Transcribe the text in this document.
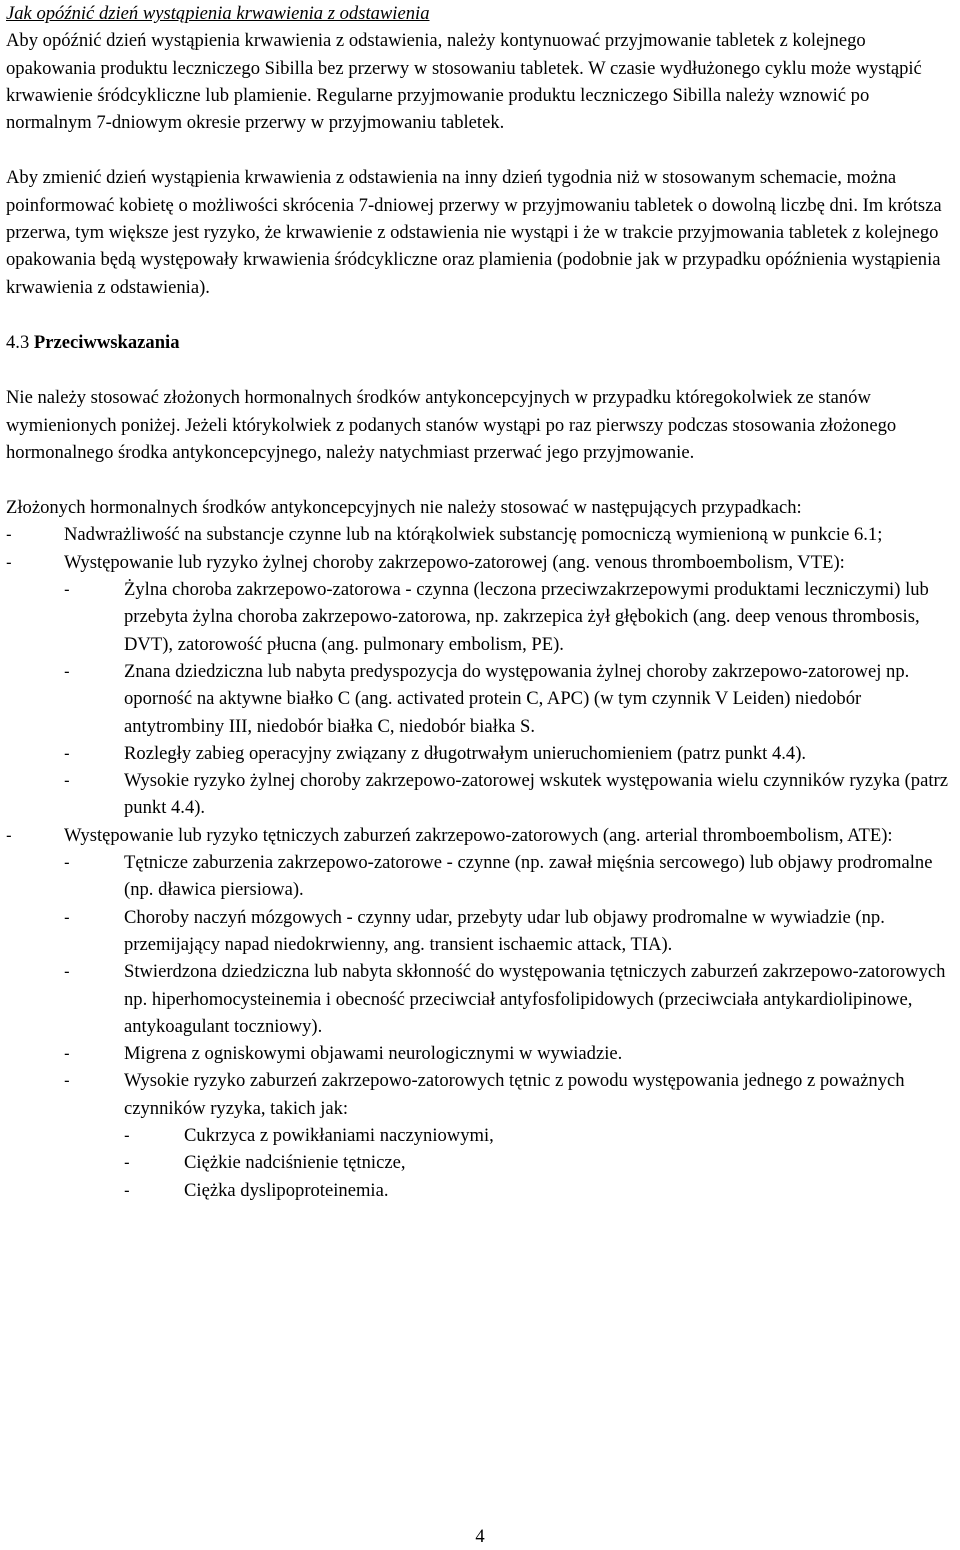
Jak opóźnić dzień wystąpienia krwawienia z odstawienia

Aby opóźnić dzień wystąpienia krwawienia z odstawienia, należy kontynuować przyjmowanie tabletek z kolejnego opakowania produktu leczniczego Sibilla bez przerwy w stosowaniu tabletek. W czasie wydłużonego cyklu może wystąpić krwawienie śródcykliczne lub plamienie. Regularne przyjmowanie produktu leczniczego Sibilla należy wznowić po normalnym 7-dniowym okresie przerwy w przyjmowaniu tabletek.

Aby zmienić dzień wystąpienia krwawienia z odstawienia na inny dzień tygodnia niż w stosowanym schemacie, można poinformować kobietę o możliwości skrócenia 7-dniowej przerwy w przyjmowaniu tabletek o dowolną liczbę dni. Im krótsza przerwa, tym większe jest ryzyko, że krwawienie z odstawienia nie wystąpi i że w trakcie przyjmowania tabletek z kolejnego opakowania będą występowały krwawienia śródcykliczne oraz plamienia (podobnie jak w przypadku opóźnienia wystąpienia krwawienia z odstawienia).

4.3 Przeciwwskazania

Nie należy stosować złożonych hormonalnych środków antykoncepcyjnych w przypadku któregokolwiek ze stanów wymienionych poniżej. Jeżeli którykolwiek z podanych stanów wystąpi po raz pierwszy podczas stosowania złożonego hormonalnego środka antykoncepcyjnego, należy natychmiast przerwać jego przyjmowanie.

Złożonych hormonalnych środków antykoncepcyjnych nie należy stosować w następujących przypadkach:

-	Nadwrażliwość na substancje czynne lub na którąkolwiek substancję pomocniczą wymienioną w punkcie 6.1;
-	Występowanie lub ryzyko żylnej choroby zakrzepowo-zatorowej (ang. venous thromboembolism, VTE):
-	Żylna choroba zakrzepowo-zatorowa - czynna (leczona przeciwzakrzepowymi produktami leczniczymi) lub przebyta żylna choroba zakrzepowo-zatorowa, np. zakrzepica żył głębokich (ang. deep venous thrombosis, DVT), zatorowość płucna (ang. pulmonary embolism, PE).
-	Znana dziedziczna lub nabyta predyspozycja do występowania żylnej choroby zakrzepowo-zatorowej np. oporność na aktywne białko C (ang. activated protein C, APC) (w tym czynnik V Leiden) niedobór antytrombiny III, niedobór białka C, niedobór białka S.
-	Rozległy zabieg operacyjny związany z długotrwałym unieruchomieniem (patrz punkt 4.4).
-	Wysokie ryzyko żylnej choroby zakrzepowo-zatorowej wskutek występowania wielu czynników ryzyka (patrz punkt 4.4).
-	Występowanie lub ryzyko tętniczych zaburzeń zakrzepowo-zatorowych (ang. arterial thromboembolism, ATE):
-	Tętnicze zaburzenia zakrzepowo-zatorowe - czynne (np. zawał mięśnia sercowego) lub objawy prodromalne (np. dławica piersiowa).
-	Choroby naczyń mózgowych - czynny udar, przebyty udar lub objawy prodromalne w wywiadzie (np. przemijający napad niedokrwienny, ang. transient ischaemic attack, TIA).
-	Stwierdzona dziedziczna lub nabyta skłonność do występowania tętniczych zaburzeń zakrzepowo-zatorowych np. hiperhomocysteinemia i obecność przeciwciał antyfosfolipidowych (przeciwciała antykardiolipinowe, antykoagulant toczniowy).
-	Migrena z ogniskowymi objawami neurologicznymi w wywiadzie.
-	Wysokie ryzyko zaburzeń zakrzepowo-zatorowych tętnic z powodu występowania jednego z poważnych czynników ryzyka, takich jak:
-	Cukrzyca z powikłaniami naczyniowymi,
-	Ciężkie nadciśnienie tętnicze,
-	Ciężka dyslipoproteinemia.
4
